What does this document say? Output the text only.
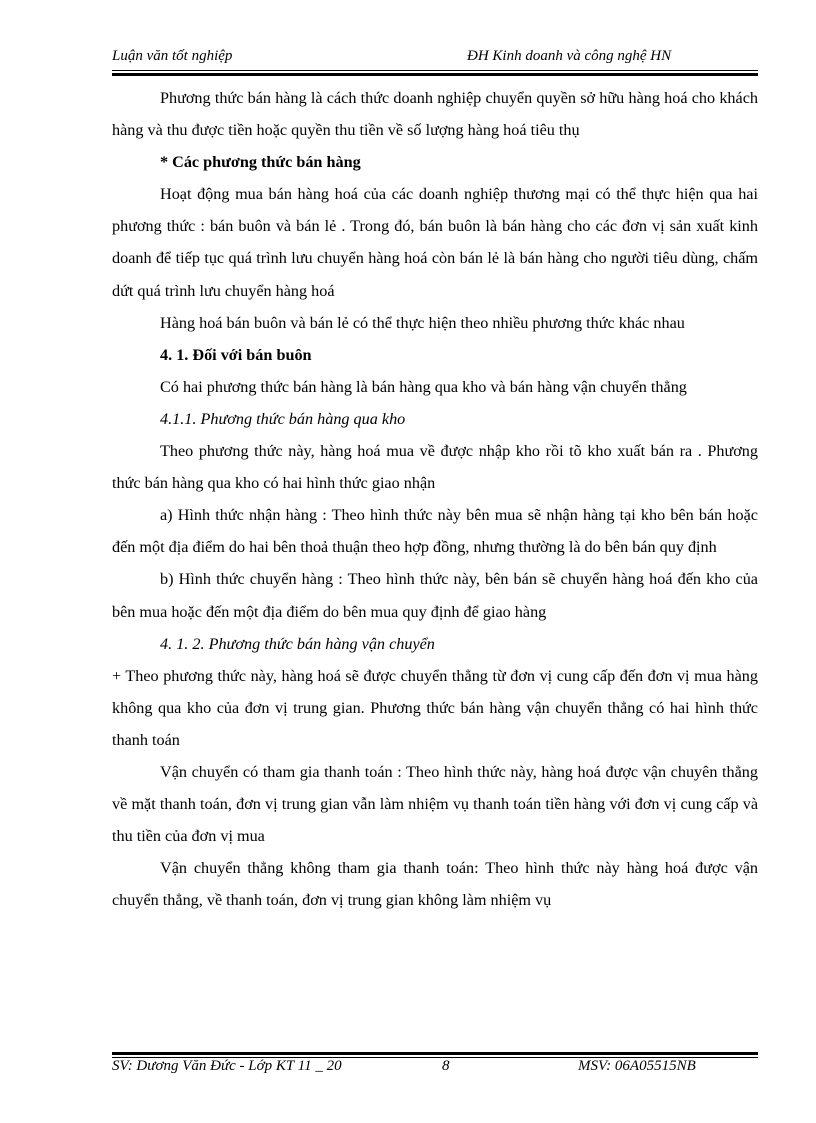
Luận văn tốt nghiệp	ĐH Kinh doanh và công nghệ HN

Phương thức bán hàng là cách thức doanh nghiệp chuyển quyền sở hữu hàng hoá cho khách hàng và thu được tiền hoặc quyền thu tiền về số lượng hàng hoá tiêu thụ

* Các phương thức bán hàng

Hoạt động mua bán hàng hoá của các doanh nghiệp thương mại có thể thực hiện qua hai phương thức : bán buôn và bán lẻ . Trong đó, bán buôn là bán hàng cho các đơn vị sản xuất kinh doanh để tiếp tục quá trình lưu chuyển hàng hoá còn bán lẻ là bán hàng cho người tiêu dùng, chấm dứt quá trình lưu chuyển hàng hoá

Hàng hoá bán buôn và bán lẻ có thể thực hiện theo nhiều phương thức khác nhau

4. 1. Đối với bán buôn

Có hai phương thức bán hàng là bán hàng qua kho và bán hàng vận chuyển thẳng

4.1.1. Phương thức bán hàng qua kho

Theo phương thức này, hàng hoá mua về được nhập kho rồi tõ kho xuất bán ra . Phương thức bán hàng qua kho có hai hình thức giao nhận

a) Hình thức nhận hàng : Theo hình thức này bên mua sẽ nhận hàng tại kho bên bán hoặc đến một địa điểm do hai bên thoả thuận theo hợp đồng, nhưng thường là do bên bán quy định

b) Hình thức chuyển hàng : Theo hình thức này, bên bán sẽ chuyển hàng hoá đến kho của bên mua hoặc đến một địa điểm do bên mua quy định để giao hàng

4. 1. 2. Phương thức bán hàng vận chuyển

+ Theo phương thức này, hàng hoá sẽ được chuyển thẳng từ đơn vị cung cấp đến đơn vị mua hàng không qua kho của đơn vị trung gian. Phương thức bán hàng vận chuyển thẳng có hai hình thức thanh toán

Vận chuyển có tham gia thanh toán : Theo hình thức này, hàng hoá được vận chuyên thẳng về mặt thanh toán, đơn vị trung gian vẫn làm nhiệm vụ thanh toán tiền hàng với đơn vị cung cấp và thu tiền của đơn vị mua

Vận chuyển thẳng không tham gia thanh toán: Theo hình thức này hàng hoá được vận chuyển thẳng, về thanh toán, đơn vị trung gian không làm nhiệm vụ

SV: Dương Văn Đức - Lớp KT 11 _ 20	8	MSV: 06A05515NB
